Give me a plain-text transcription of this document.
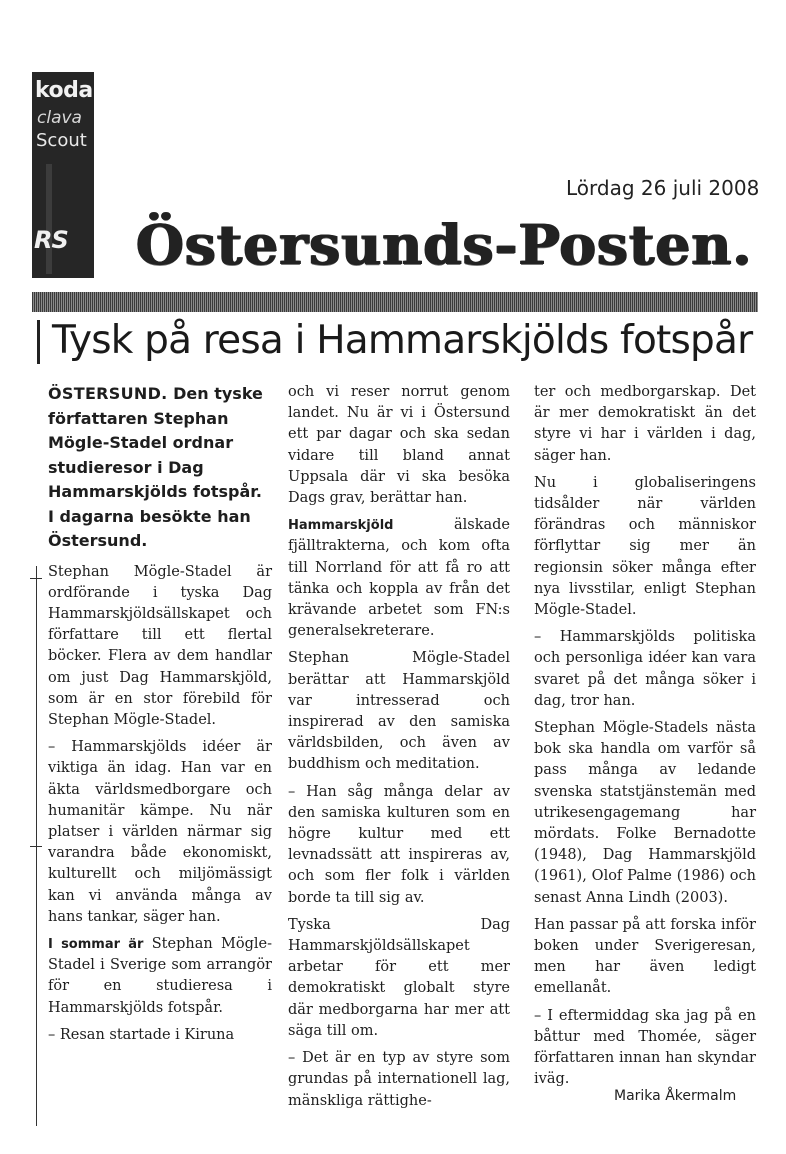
koda
clava
Scout
RS
Lördag 26 juli 2008
Östersunds-Posten.
Tysk på resa i Hammarskjölds fotspår

ÖSTERSUND. Den tyske författaren Stephan Mögle-Stadel ordnar studieresor i Dag Hammarskjölds fotspår. I dagarna besökte han Östersund.

Stephan Mögle-Stadel är ordförande i tyska Dag Hammarskjöldsällskapet och författare till ett flertal böcker. Flera av dem handlar om just Dag Hammarskjöld, som är en stor förebild för Stephan Mögle-Stadel.

– Hammarskjölds idéer är viktiga än idag. Han var en äkta världsmedborgare och humanitär kämpe. Nu när platser i världen närmar sig varandra både ekonomiskt, kulturellt och miljömässigt kan vi använda många av hans tankar, säger han.

I sommar är Stephan Mögle-Stadel i Sverige som arrangör för en studieresa i Hammarskjölds fotspår.

– Resan startade i Kiruna

och vi reser norrut genom landet. Nu är vi i Östersund ett par dagar och ska sedan vidare till bland annat Uppsala där vi ska besöka Dags grav, berättar han.

Hammarskjöld älskade fjälltrakterna, och kom ofta till Norrland för att få ro att tänka och koppla av från det krävande arbetet som FN:s generalsekreterare.

Stephan Mögle-Stadel berättar att Hammarskjöld var intresserad och inspirerad av den samiska världsbilden, och även av buddhism och meditation.

– Han såg många delar av den samiska kulturen som en högre kultur med ett levnadssätt att inspireras av, och som fler folk i världen borde ta till sig av.

Tyska Dag Hammarskjöldsällskapet arbetar för ett mer demokratiskt globalt styre där medborgarna har mer att säga till om.

– Det är en typ av styre som grundas på internationell lag, mänskliga rättighe-

ter och medborgarskap. Det är mer demokratiskt än det styre vi har i världen i dag, säger han.

Nu i globaliseringens tidsålder när världen förändras och människor förflyttar sig mer än regionsin söker många efter nya livsstilar, enligt Stephan Mögle-Stadel.

– Hammarskjölds politiska och personliga idéer kan vara svaret på det många söker i dag, tror han.

Stephan Mögle-Stadels nästa bok ska handla om varför så pass många av ledande svenska statstjänstemän med utrikesengagemang har mördats. Folke Bernadotte (1948), Dag Hammarskjöld (1961), Olof Palme (1986) och senast Anna Lindh (2003).

Han passar på att forska inför boken under Sverigeresan, men har även ledigt emellanåt.

– I eftermiddag ska jag på en båttur med Thomée, säger författaren innan han skyndar iväg.

Marika Åkermalm
